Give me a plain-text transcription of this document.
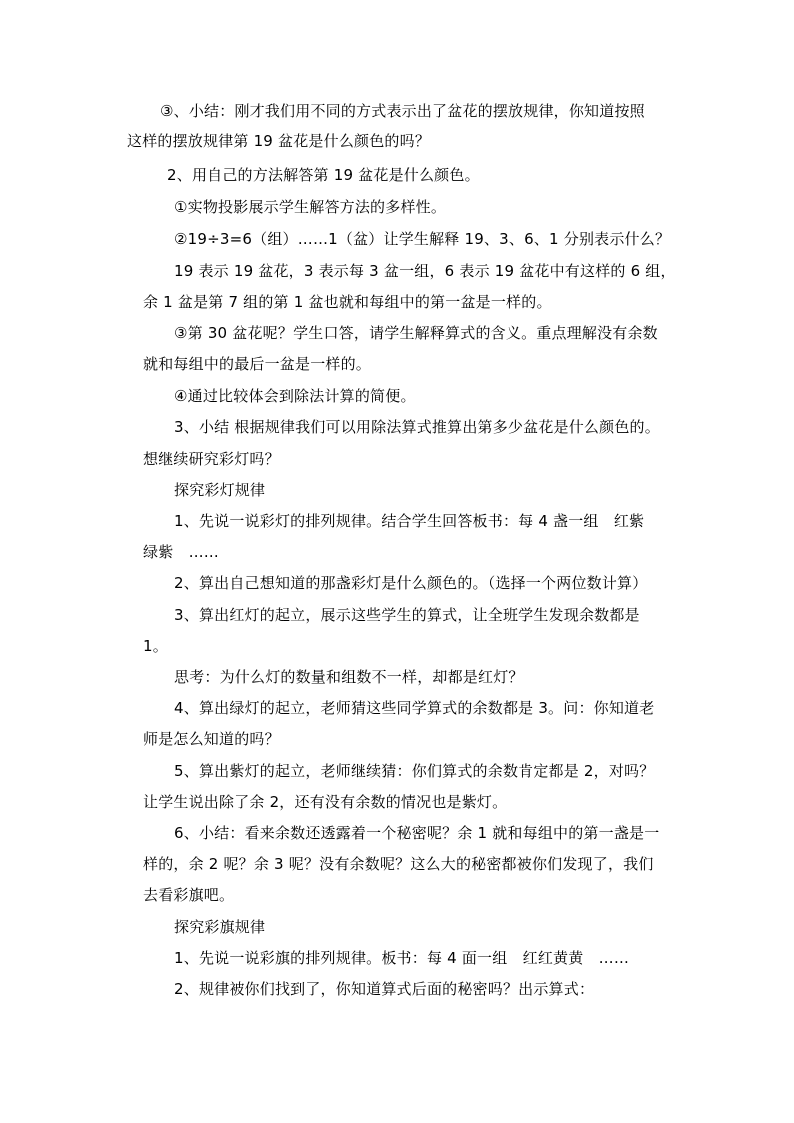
③、小结：刚才我们用不同的方式表示出了盆花的摆放规律，你知道按照
这样的摆放规律第 19 盆花是什么颜色的吗？
2、用自己的方法解答第 19 盆花是什么颜色。
①实物投影展示学生解答方法的多样性。
②19÷3=6（组）……1（盆）让学生解释 19、3、6、1 分别表示什么？
19 表示 19 盆花，3 表示每 3 盆一组，6 表示 19 盆花中有这样的 6 组，
余 1 盆是第 7 组的第 1 盆也就和每组中的第一盆是一样的。
③第 30 盆花呢？学生口答，请学生解释算式的含义。重点理解没有余数
就和每组中的最后一盆是一样的。
④通过比较体会到除法计算的简便。
3、小结 根据规律我们可以用除法算式推算出第多少盆花是什么颜色的。
想继续研究彩灯吗？
探究彩灯规律
1、先说一说彩灯的排列规律。结合学生回答板书：每 4 盏一组　红紫
绿紫　……
2、算出自己想知道的那盏彩灯是什么颜色的。（选择一个两位数计算）
3、算出红灯的起立，展示这些学生的算式，让全班学生发现余数都是
1。
思考：为什么灯的数量和组数不一样，却都是红灯？
4、算出绿灯的起立，老师猜这些同学算式的余数都是 3。问：你知道老
师是怎么知道的吗？
5、算出紫灯的起立，老师继续猜：你们算式的余数肯定都是 2，对吗？
让学生说出除了余 2，还有没有余数的情况也是紫灯。
6、小结：看来余数还透露着一个秘密呢？余 1 就和每组中的第一盏是一
样的，余 2 呢？余 3 呢？没有余数呢？这么大的秘密都被你们发现了，我们
去看彩旗吧。
探究彩旗规律
1、先说一说彩旗的排列规律。板书：每 4 面一组　红红黄黄　……
2、规律被你们找到了，你知道算式后面的秘密吗？出示算式：
